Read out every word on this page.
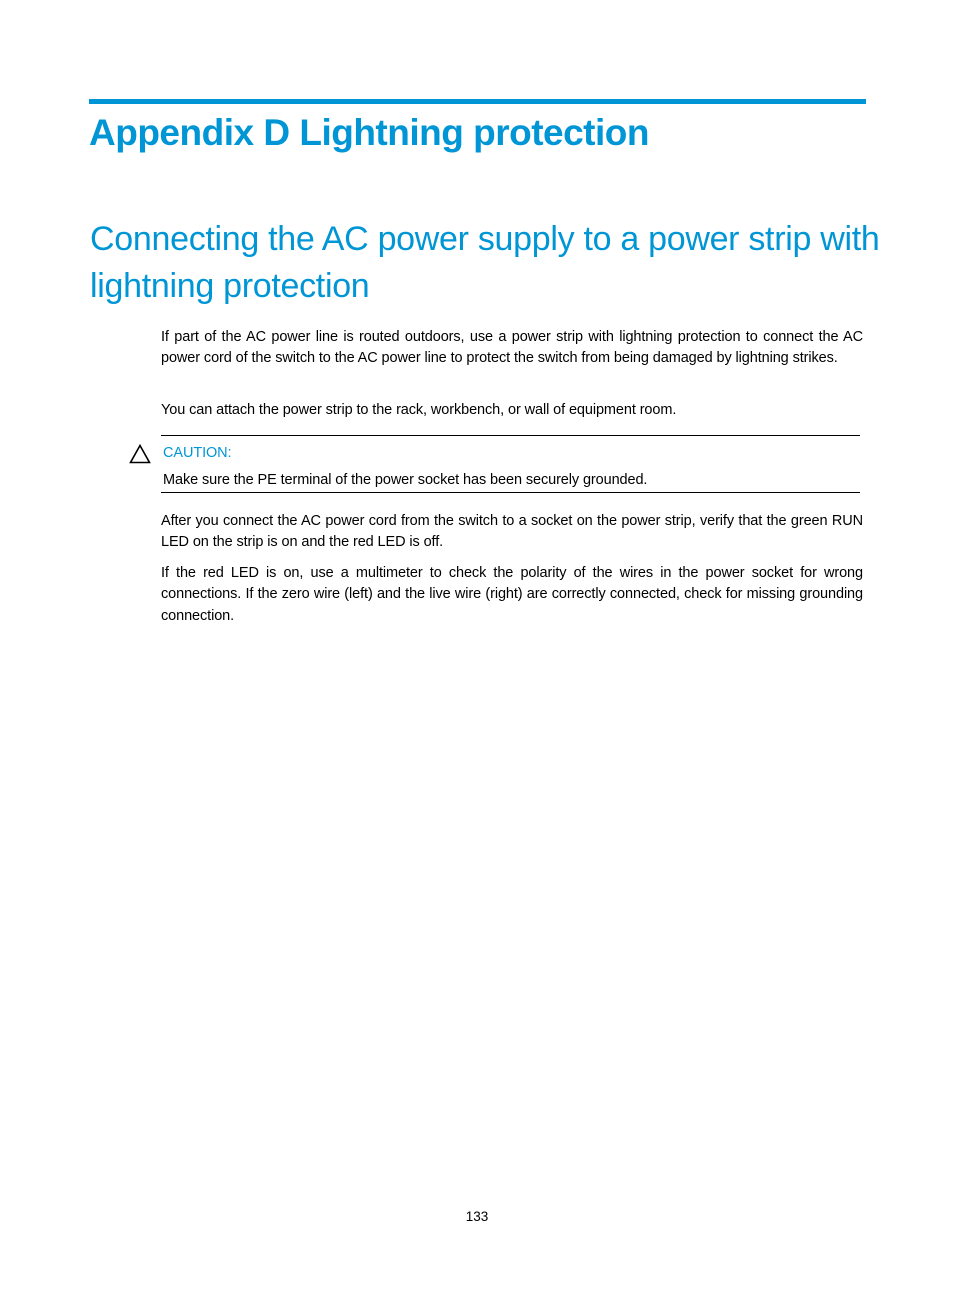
Appendix D Lightning protection
Connecting the AC power supply to a power strip with lightning protection

If part of the AC power line is routed outdoors, use a power strip with lightning protection to connect the AC power cord of the switch to the AC power line to protect the switch from being damaged by lightning strikes.

You can attach the power strip to the rack, workbench, or wall of equipment room.

CAUTION:
Make sure the PE terminal of the power socket has been securely grounded.

After you connect the AC power cord from the switch to a socket on the power strip, verify that the green RUN LED on the strip is on and the red LED is off.

If the red LED is on, use a multimeter to check the polarity of the wires in the power socket for wrong connections. If the zero wire (left) and the live wire (right) are correctly connected, check for missing grounding connection.

133
